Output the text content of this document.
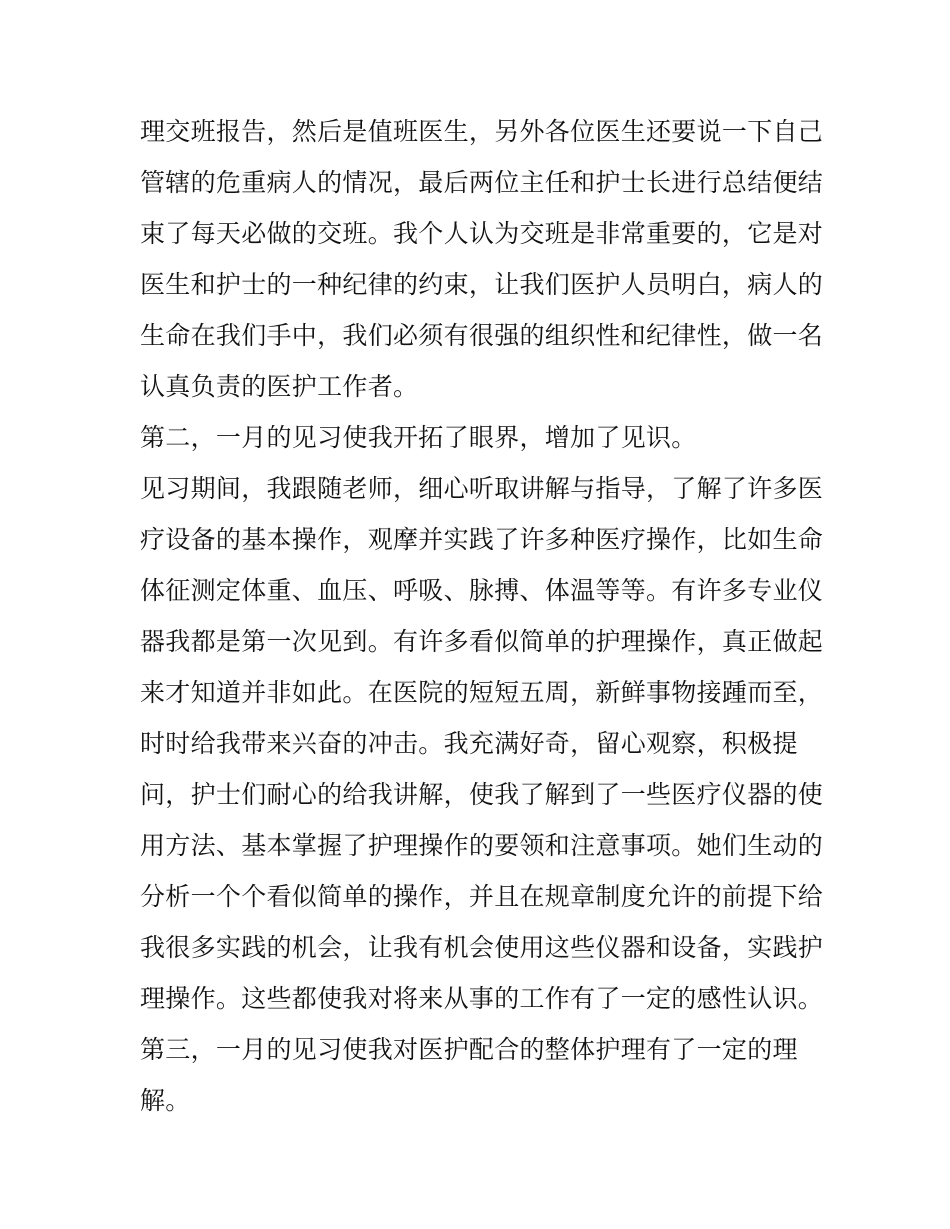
理交班报告，然后是值班医生，另外各位医生还要说一下自己
管辖的危重病人的情况，最后两位主任和护士长进行总结便结
束了每天必做的交班。我个人认为交班是非常重要的，它是对
医生和护士的一种纪律的约束，让我们医护人员明白，病人的
生命在我们手中，我们必须有很强的组织性和纪律性，做一名
认真负责的医护工作者。
第二，一月的见习使我开拓了眼界，增加了见识。
见习期间，我跟随老师，细心听取讲解与指导，了解了许多医
疗设备的基本操作，观摩并实践了许多种医疗操作，比如生命
体征测定体重、血压、呼吸、脉搏、体温等等。有许多专业仪
器我都是第一次见到。有许多看似简单的护理操作，真正做起
来才知道并非如此。在医院的短短五周，新鲜事物接踵而至，
时时给我带来兴奋的冲击。我充满好奇，留心观察，积极提
问，护士们耐心的给我讲解，使我了解到了一些医疗仪器的使
用方法、基本掌握了护理操作的要领和注意事项。她们生动的
分析一个个看似简单的操作，并且在规章制度允许的前提下给
我很多实践的机会，让我有机会使用这些仪器和设备，实践护
理操作。这些都使我对将来从事的工作有了一定的感性认识。
第三，一月的见习使我对医护配合的整体护理有了一定的理
解。
